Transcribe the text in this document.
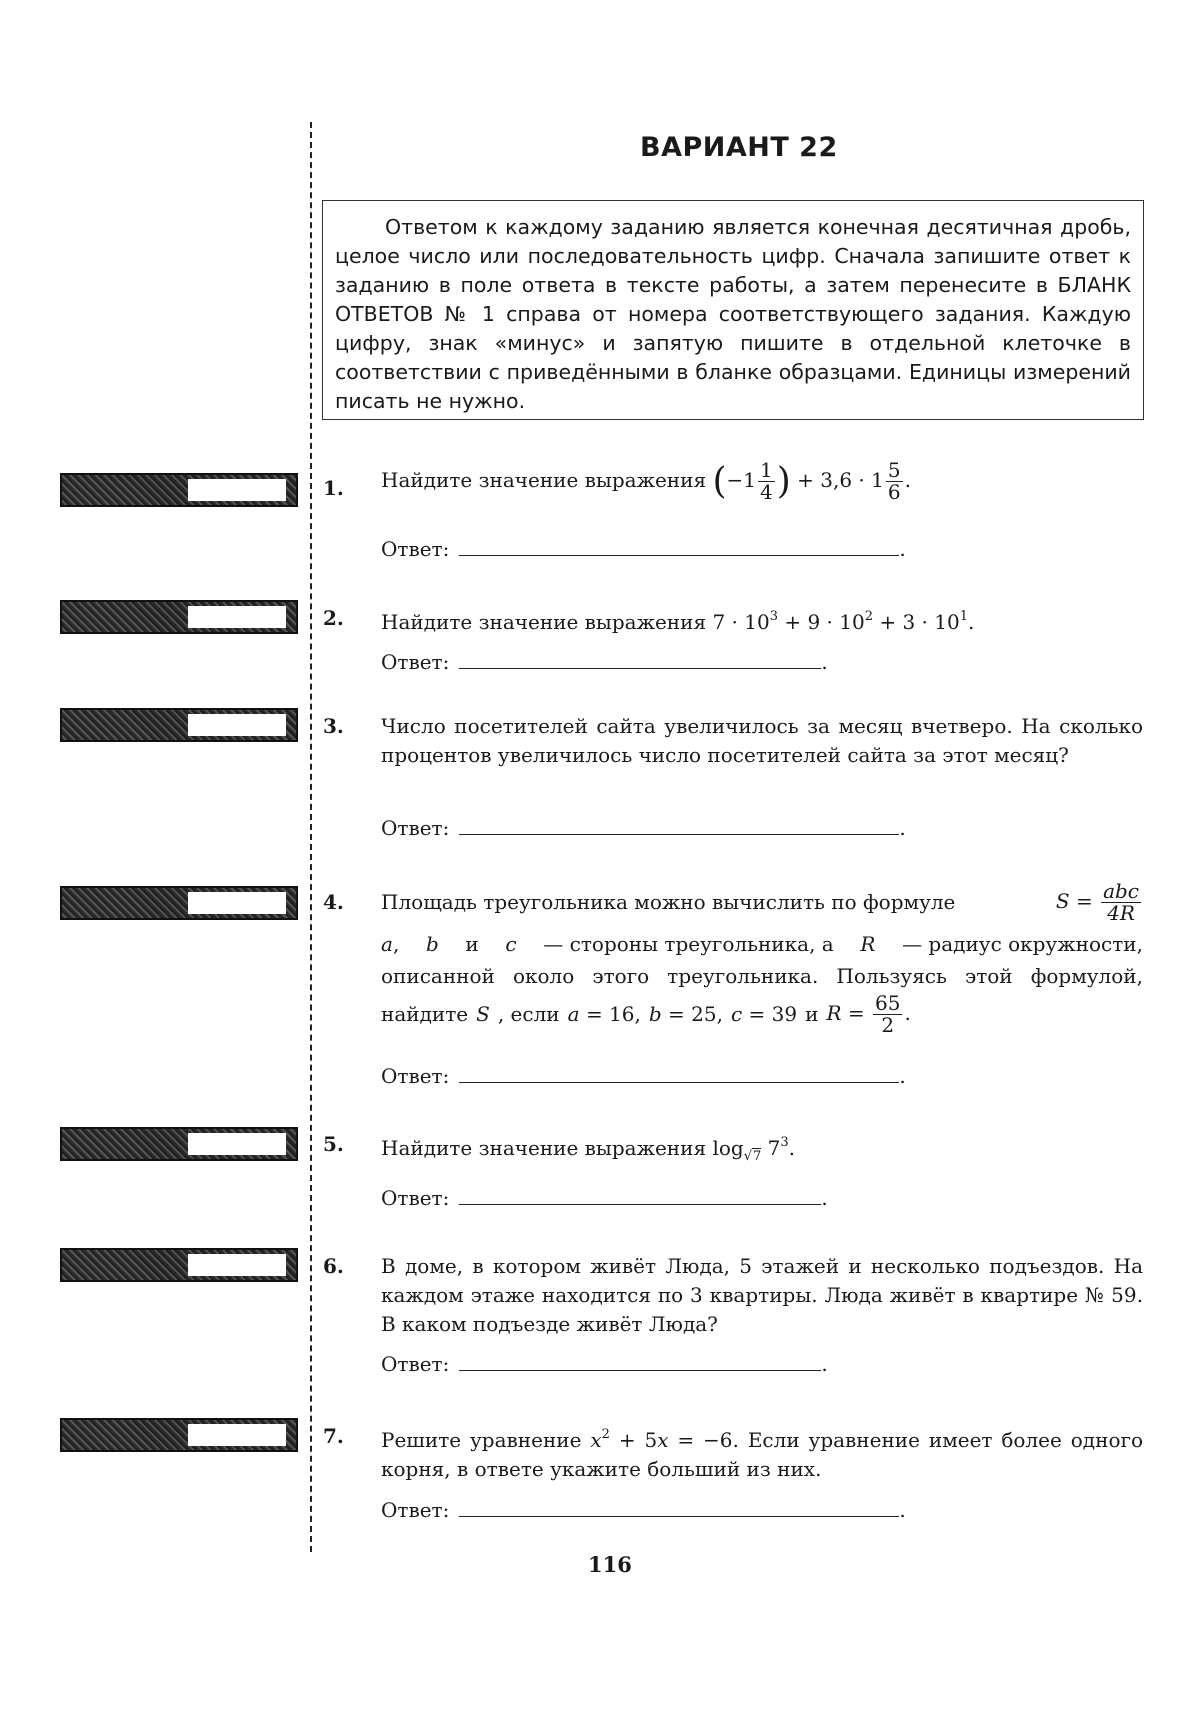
ВАРИАНТ 22
Ответом к каждому заданию является конечная десятичная дробь, целое число или последовательность цифр. Сначала запишите ответ к заданию в поле ответа в тексте работы, а затем перенесите в БЛАНК ОТВЕТОВ № 1 справа от номера соответствующего задания. Каждую цифру, знак «минус» и запятую пишите в отдельной клеточке в соответствии с приведёнными в бланке образцами. Единицы измерений писать не нужно.
1. Найдите значение выражения ($-1 \frac{1}{4}$ ) + $3,6 \cdot 1 \frac{5}{6}$ .
Ответ:	.
2. Найдите значение выражения $7 \cdot 10^3 + 9 \cdot 10^2 + 3 \cdot 10^1$.
Ответ:	.
3. Число посетителей сайта увеличилось за месяц вчетверо. На сколько процентов увеличилось число посетителей сайта за этот месяц?
Ответ:	.
4. Площадь треугольника можно вычислить по формуле	$S = \frac{\text{abc}}{4R}$
a, b и c — стороны треугольника, а R — радиус окружности,
описанной около этого треугольника. Пользуясь этой формулой,
найдите S , если a = 16, b = 25, c = 39 и $R = \frac{65}{2}$ .
Ответ:	.
5. Найдите значение выражения $\log_{√7} 7^3$.
Ответ:	.
6. В доме, в котором живёт Люда, 5 этажей и несколько подъездов. На каждом этаже находится по 3 квартиры. Люда живёт в квартире № 59. В каком подъезде живёт Люда?
Ответ:	.
7. Решите уравнение $x^2 + 5x = -6$. Если уравнение имеет более одного корня, в ответе укажите больший из них.
Ответ:	.
116
